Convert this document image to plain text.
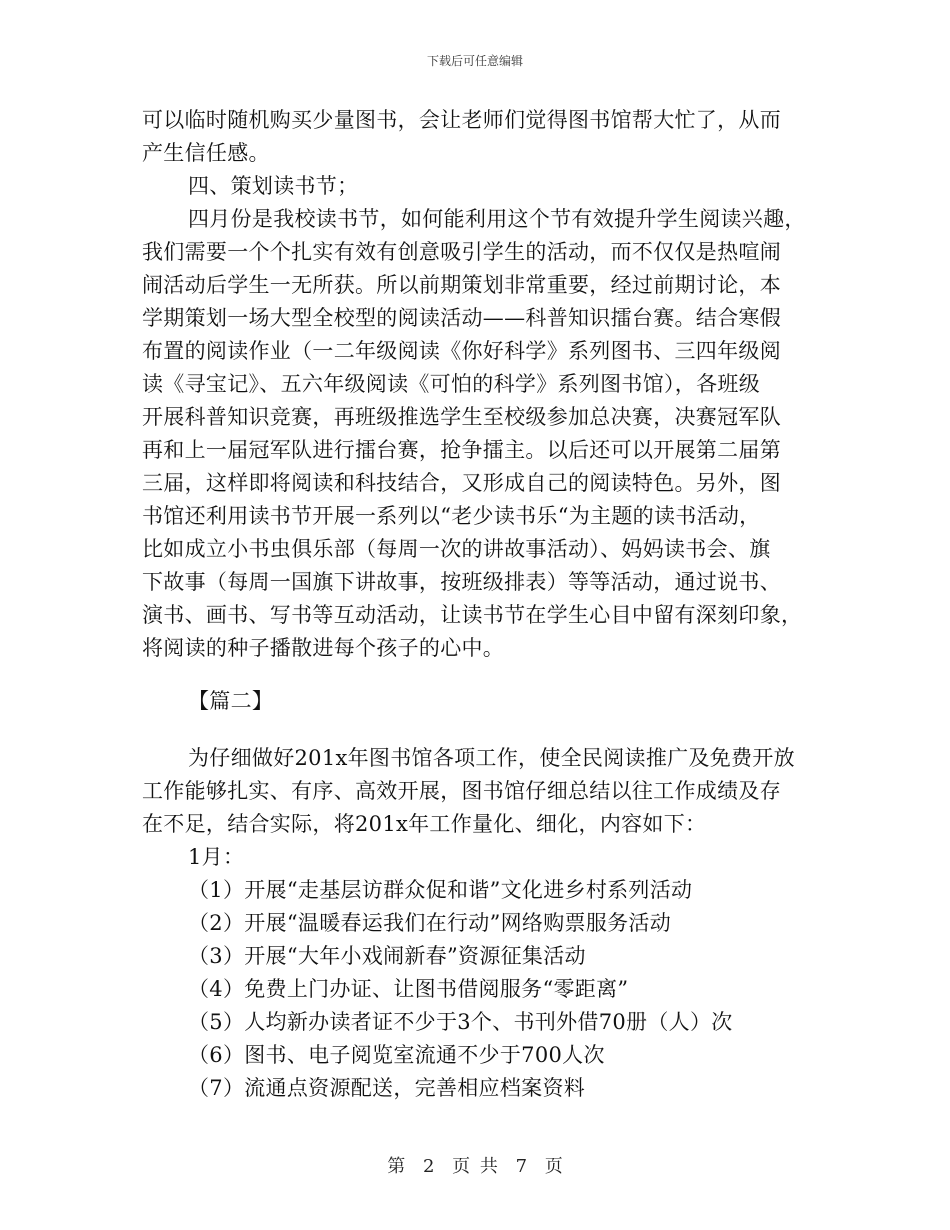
下载后可任意编辑
可以临时随机购买少量图书，会让老师们觉得图书馆帮大忙了，从而
产生信任感。
四、策划读书节；
四月份是我校读书节，如何能利用这个节有效提升学生阅读兴趣，
我们需要一个个扎实有效有创意吸引学生的活动，而不仅仅是热喧闹
闹活动后学生一无所获。所以前期策划非常重要，经过前期讨论，本
学期策划一场大型全校型的阅读活动——科普知识擂台赛。结合寒假
布置的阅读作业（一二年级阅读《你好科学》系列图书、三四年级阅
读《寻宝记》、五六年级阅读《可怕的科学》系列图书馆），各班级
开展科普知识竞赛，再班级推选学生至校级参加总决赛，决赛冠军队
再和上一届冠军队进行擂台赛，抢争擂主。以后还可以开展第二届第
三届，这样即将阅读和科技结合，又形成自己的阅读特色。另外，图
书馆还利用读书节开展一系列以“老少读书乐“为主题的读书活动，
比如成立小书虫俱乐部（每周一次的讲故事活动）、妈妈读书会、旗
下故事（每周一国旗下讲故事，按班级排表）等等活动，通过说书、
演书、画书、写书等互动活动，让读书节在学生心目中留有深刻印象，
将阅读的种子播散进每个孩子的心中。
【篇二】
为仔细做好201x年图书馆各项工作，使全民阅读推广及免费开放
工作能够扎实、有序、高效开展，图书馆仔细总结以往工作成绩及存
在不足，结合实际，将201x年工作量化、细化，内容如下：
1月：
（1）开展“走基层访群众促和谐”文化进乡村系列活动
（2）开展“温暖春运我们在行动”网络购票服务活动
（3）开展“大年小戏闹新春”资源征集活动
（4）免费上门办证、让图书借阅服务“零距离”
（5）人均新办读者证不少于3个、书刊外借70册（人）次
（6）图书、电子阅览室流通不少于700人次
（7）流通点资源配送，完善相应档案资料
第 2 页 共 7 页
